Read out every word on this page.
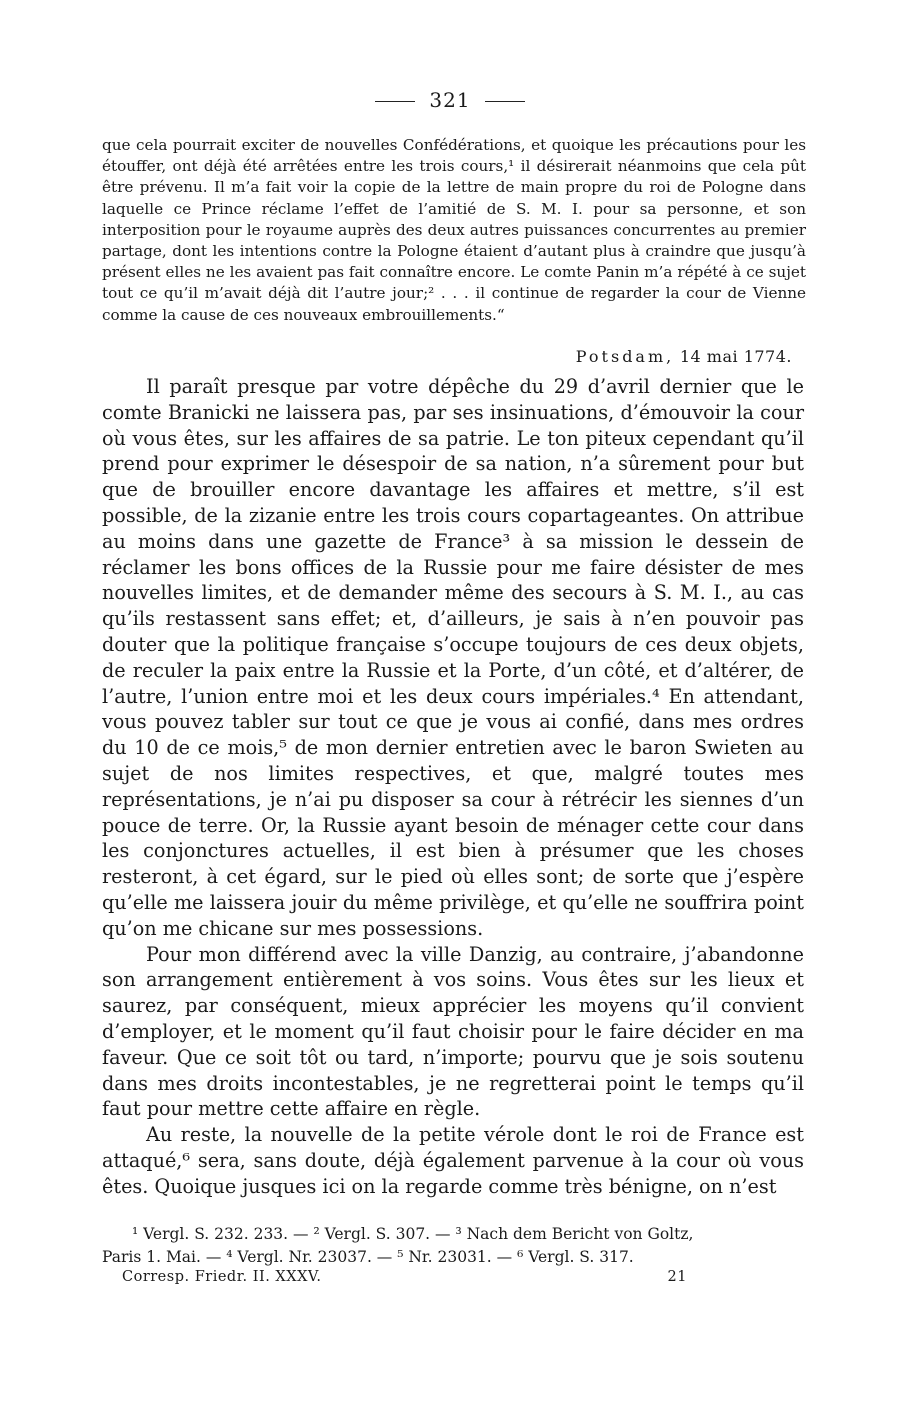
321

que cela pourrait exciter de nouvelles Confédérations, et quoique les précautions pour les étouffer, ont déjà été arrêtées entre les trois cours,¹ il désirerait néanmoins que cela pût être prévenu. Il m’a fait voir la copie de la lettre de main propre du roi de Pologne dans laquelle ce Prince réclame l’effet de l’amitié de S. M. I. pour sa personne, et son interposition pour le royaume auprès des deux autres puissances concurrentes au premier partage, dont les intentions contre la Pologne étaient d’autant plus à craindre que jusqu’à présent elles ne les avaient pas fait connaître encore. Le comte Panin m’a répété à ce sujet tout ce qu’il m’avait déjà dit l’autre jour;² . . . il continue de regarder la cour de Vienne comme la cause de ces nouveaux embrouillements.“

Potsdam, 14 mai 1774.

Il paraît presque par votre dépêche du 29 d’avril dernier que le comte Branicki ne laissera pas, par ses insinuations, d’émouvoir la cour où vous êtes, sur les affaires de sa patrie. Le ton piteux cependant qu’il prend pour exprimer le désespoir de sa nation, n’a sûrement pour but que de brouiller encore davantage les affaires et mettre, s’il est possible, de la zizanie entre les trois cours copartageantes. On attribue au moins dans une gazette de France³ à sa mission le dessein de réclamer les bons offices de la Russie pour me faire désister de mes nouvelles limites, et de demander même des secours à S. M. I., au cas qu’ils restassent sans effet; et, d’ailleurs, je sais à n’en pouvoir pas douter que la politique française s’occupe toujours de ces deux objets, de reculer la paix entre la Russie et la Porte, d’un côté, et d’altérer, de l’autre, l’union entre moi et les deux cours impériales.⁴ En attendant, vous pouvez tabler sur tout ce que je vous ai confié, dans mes ordres du 10 de ce mois,⁵ de mon dernier entretien avec le baron Swieten au sujet de nos limites respectives, et que, malgré toutes mes représentations, je n’ai pu disposer sa cour à rétrécir les siennes d’un pouce de terre. Or, la Russie ayant besoin de ménager cette cour dans les conjonctures actuelles, il est bien à présumer que les choses resteront, à cet égard, sur le pied où elles sont; de sorte que j’espère qu’elle me laissera jouir du même privilège, et qu’elle ne souffrira point qu’on me chicane sur mes possessions.

Pour mon différend avec la ville Danzig, au contraire, j’abandonne son arrangement entièrement à vos soins. Vous êtes sur les lieux et saurez, par conséquent, mieux apprécier les moyens qu’il convient d’employer, et le moment qu’il faut choisir pour le faire décider en ma faveur. Que ce soit tôt ou tard, n’importe; pourvu que je sois soutenu dans mes droits incontestables, je ne regretterai point le temps qu’il faut pour mettre cette affaire en règle.

Au reste, la nouvelle de la petite vérole dont le roi de France est attaqué,⁶ sera, sans doute, déjà également parvenue à la cour où vous êtes. Quoique jusques ici on la regarde comme très bénigne, on n’est

¹ Vergl. S. 232. 233. — ² Vergl. S. 307. — ³ Nach dem Bericht von Goltz,
Paris 1. Mai. — ⁴ Vergl. Nr. 23037. — ⁵ Nr. 23031. — ⁶ Vergl. S. 317.
Corresp. Friedr. II. XXXV.	21
